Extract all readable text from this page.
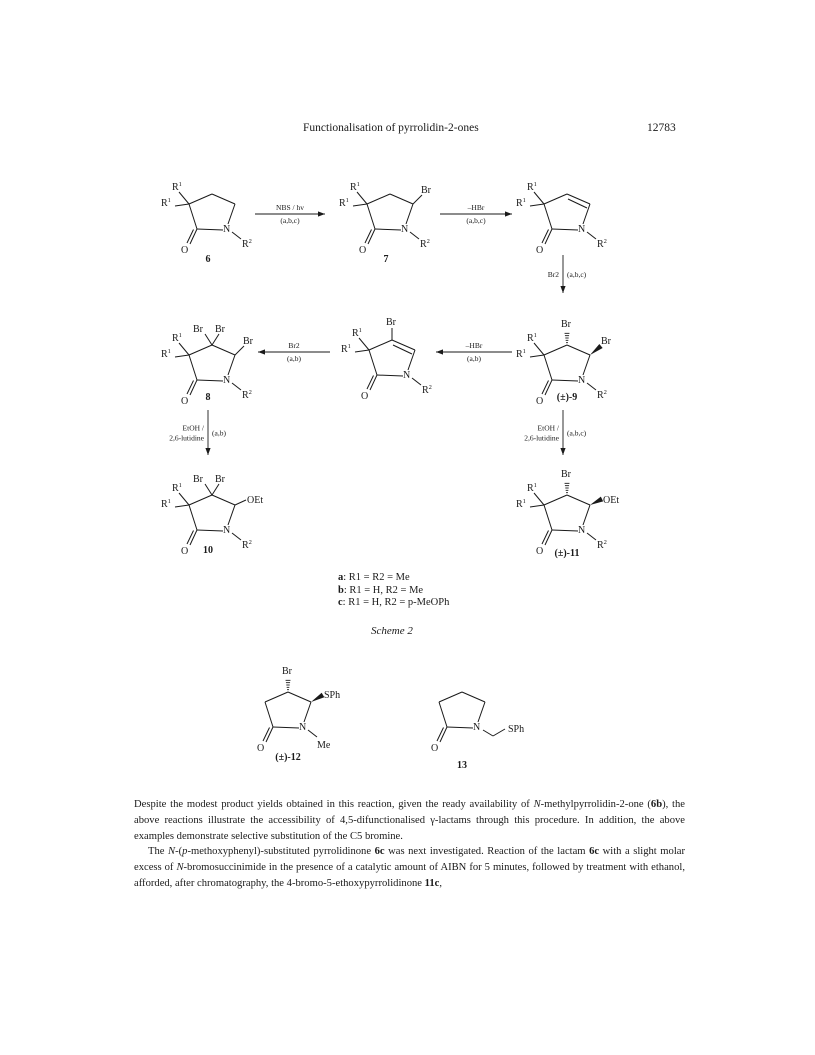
Functionalisation of pyrrolidin-2-ones	12783
O
N
$R^2$
$R^1$
$R^1$
O
N
$R^2$
$R^1$
$R^1$
Br
O
N
$R^2$
$R^1$
$R^1$
O
N
$R^2$
$R^1$
$R^1$
Br
Br
O
N
$R^2$
$R^1$
$R^1$
Br
O
N
$R^2$
$R^1$
$R^1$
Br Br
Br
O
N
$R^2$
$R^1$
$R^1$
Br Br
OEt
O
N
$R^2$
$R^1$
$R^1$
Br
OEt
O
N
Me
Br
SPh
O
N	SPh
6	7
(±)-9
8
10	(±)-11
(±)-12
13
NBS / hv
(a,b,c)
–HBr
(a,b,c)
Br2 (a,b,c)
–HBr
(a,b)
Br2
(a,b)
EtOH /
2,6-lutidine
(a,b)
EtOH /
2,6-lutidine
(a,b,c)
a: R1 = R2 = Me
b: R1 = H, R2 = Me
c: R1 = H, R2 = p-MeOPh
Scheme 2

Despite the modest product yields obtained in this reaction, given the ready availability of N-methylpyrrolidin-2-one (6b), the above reactions illustrate the accessibility of 4,5-difunctionalised γ-lactams through this procedure. In addition, the above examples demonstrate selective substitution of the C5 bromine.

The N-(p-methoxyphenyl)-substituted pyrrolidinone 6c was next investigated. Reaction of the lactam 6c with a slight molar excess of N-bromosuccinimide in the presence of a catalytic amount of AIBN for 5 minutes, followed by treatment with ethanol, afforded, after chromatography, the 4-bromo-5-ethoxypyrrolidinone 11c,
